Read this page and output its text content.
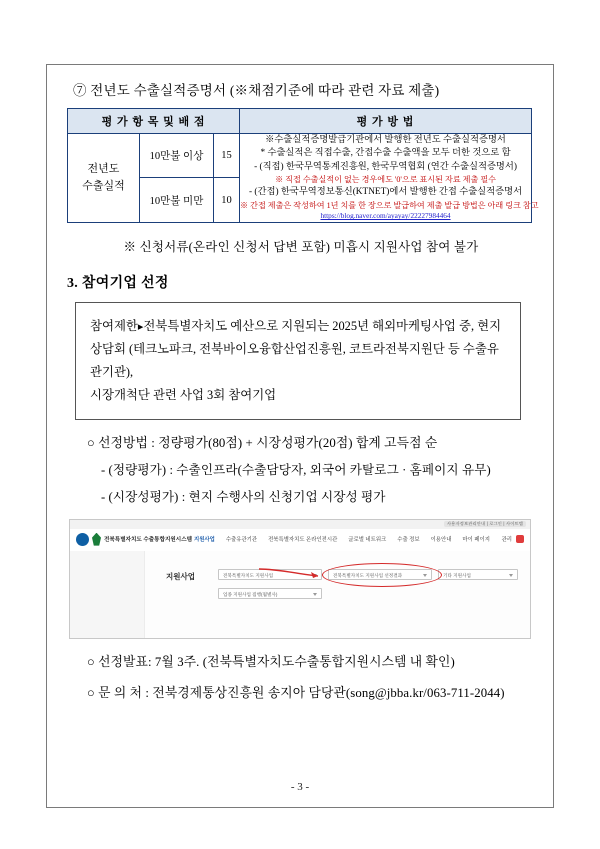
⑦ 전년도 수출실적증명서 (※채점기준에 따라 관련 자료 제출)
평 가 항 목 및 배 점			평 가 방 법
전년도
수출실적	10만불 이상	15	
※수출실적증명발급기관에서 발행한 전년도 수출실적증명서
* 수출실적은 직접수출, 간접수출 수출액을 모두 더한 것으로 함
- (직접) 한국무역통계진흥원, 한국무역협회 (연간 수출실적증명서)
※ 직접 수출실적이 없는 경우에도 '0'으로 표시된 자료 제출 필수
- (간접) 한국무역정보통신(KTNET)에서 발행한 간접 수출실적증명서
※ 간접 제출은 작성하여 1년 치를 한 장으로 발급하여 제출 발급 방법은 아래 링크 참고
https://blog.naver.com/ayayay/22227984464

	10만불 미만	10	
※ 신청서류(온라인 신청서 답변 포함) 미흡시 지원사업 참여 불가
3. 참여기업 선정
참여제한▸전북특별자치도 예산으로 지원되는 2025년 해외마케팅사업 중, 현지
상담회 (테크노파크, 전북바이오융합산업진흥원, 코트라전북지원단 등 수출유관기관),
시장개척단 관련 사업 3회 참여기업
○ 선정방법 : 정량평가(80점) + 시장성평가(20점) 합계 고득점 순
- (정량평가) : 수출인프라(수출담당자, 외국어 카탈로그 · 홈페이지 유무)
- (시장성평가) : 현지 수행사의 신청기업 시장성 평가
사용자정보관리안내 | 로그인 | 사이트맵
전북특별자치도 수출통합지원시스템 지원사업 수출유관기관 전북특별자치도 온라인전시관 글로벌 네트워크 수출 정보 이용안내 마이 페이지 관리
지원사업	전북특별자치도 지원사업	전북특별자치도 지원사업 선정결과	기타 지원사업
업종 지원사업 집행(월별사)
○ 선정발표: 7월 3주. (전북특별자치도수출통합지원시스템 내 확인)
○ 문 의 처 : 전북경제통상진흥원 송지아 담당관(song@jbba.kr/063-711-2044)
- 3 -
